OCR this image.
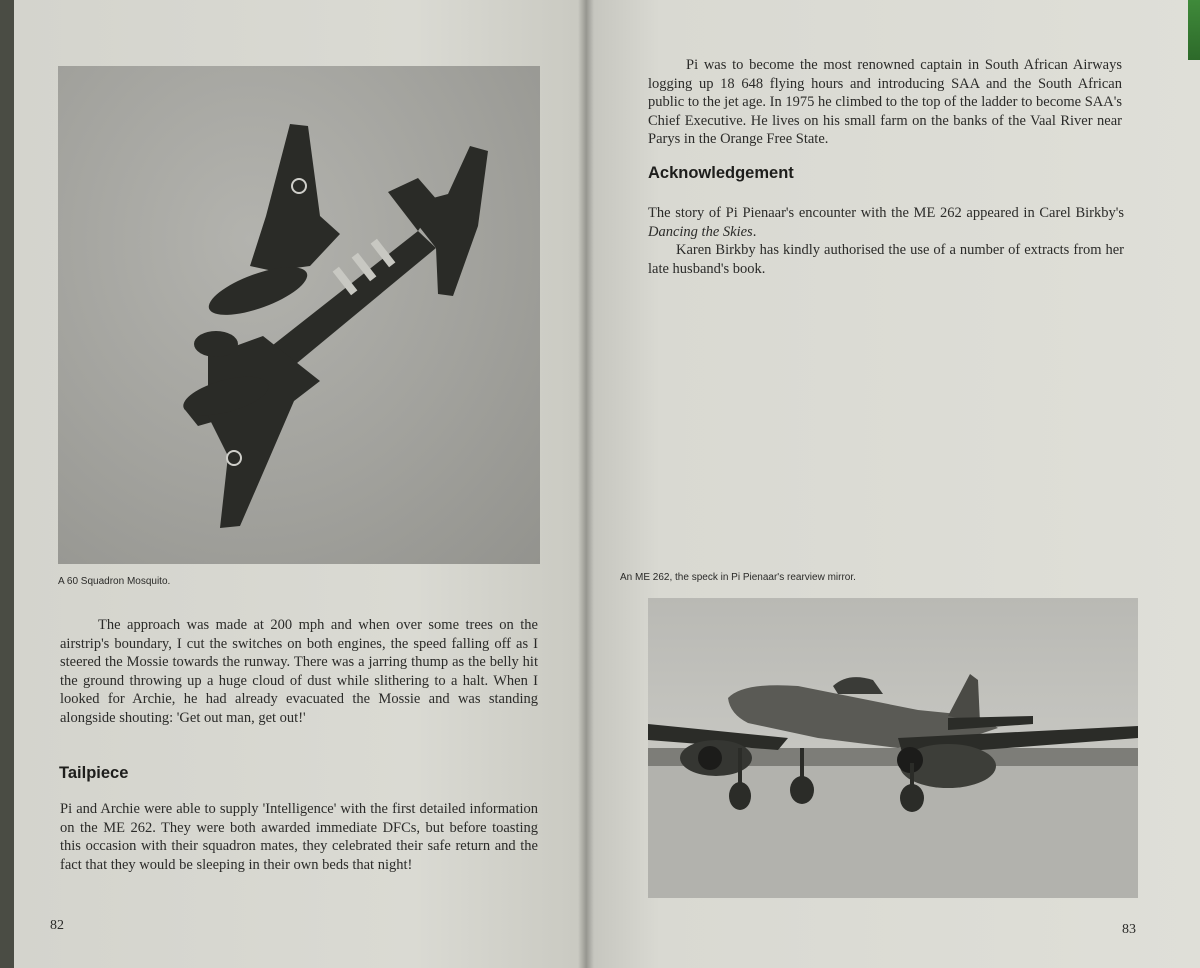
A 60 Squadron Mosquito.

The approach was made at 200 mph and when over some trees on the airstrip's boundary, I cut the switches on both engines, the speed falling off as I steered the Mossie towards the runway. There was a jarring thump as the belly hit the ground throwing up a huge cloud of dust while slithering to a halt. When I looked for Archie, he had already evacuated the Mossie and was standing alongside shouting: 'Get out man, get out!'

Tailpiece

Pi and Archie were able to supply 'Intelligence' with the first detailed information on the ME 262. They were both awarded immediate DFCs, but before toasting this occasion with their squadron mates, they celebrated their safe return and the fact that they would be sleeping in their own beds that night!

82

Pi was to become the most renowned captain in South African Airways logging up 18 648 flying hours and introducing SAA and the South African public to the jet age. In 1975 he climbed to the top of the ladder to become SAA's Chief Executive. He lives on his small farm on the banks of the Vaal River near Parys in the Orange Free State.

Acknowledgement

The story of Pi Pienaar's encounter with the ME 262 appeared in Carel Birkby's Dancing the Skies.

Karen Birkby has kindly authorised the use of a number of extracts from her late husband's book.

An ME 262, the speck in Pi Pienaar's rearview mirror.
83
